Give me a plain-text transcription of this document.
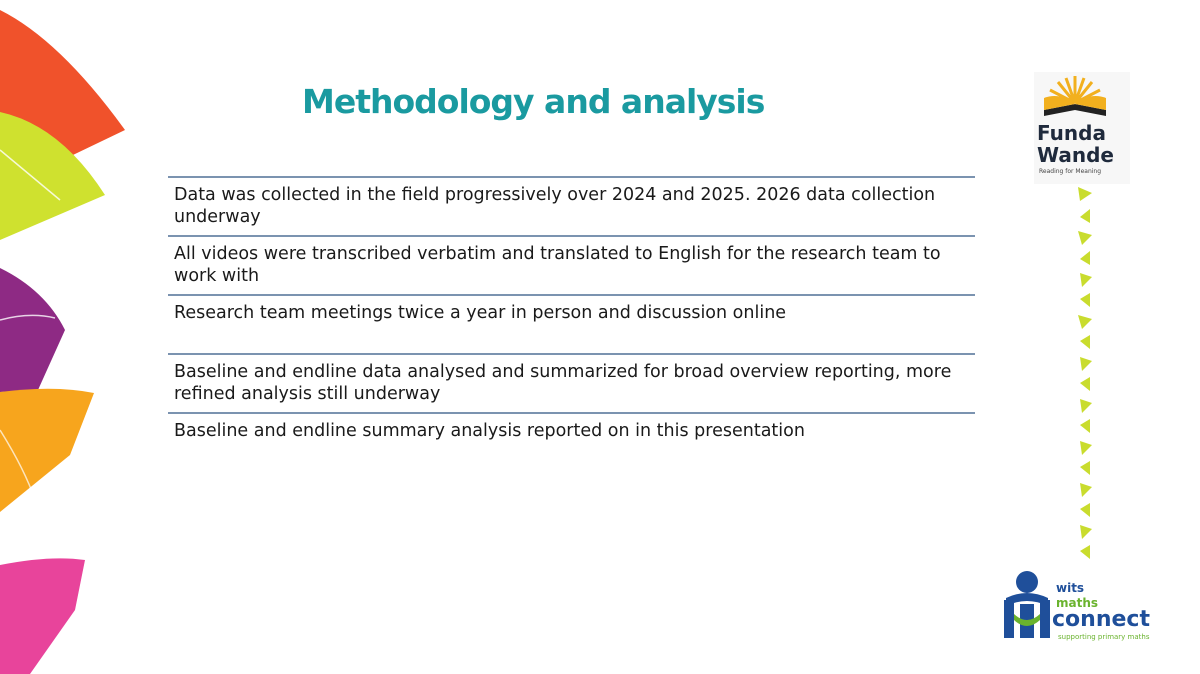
Methodology and analysis
Data was collected in the field progressively over 2024 and 2025. 2026 data collection underway
All videos were transcribed verbatim and translated to English for the research team to work with
Research team meetings twice a year in person and discussion online
Baseline and endline data analysed and summarized for broad overview reporting, more refined analysis still underway
Baseline and endline summary analysis reported on in this presentation
Funda
Wande
Reading for Meaning
wits
maths
connect
supporting primary maths
